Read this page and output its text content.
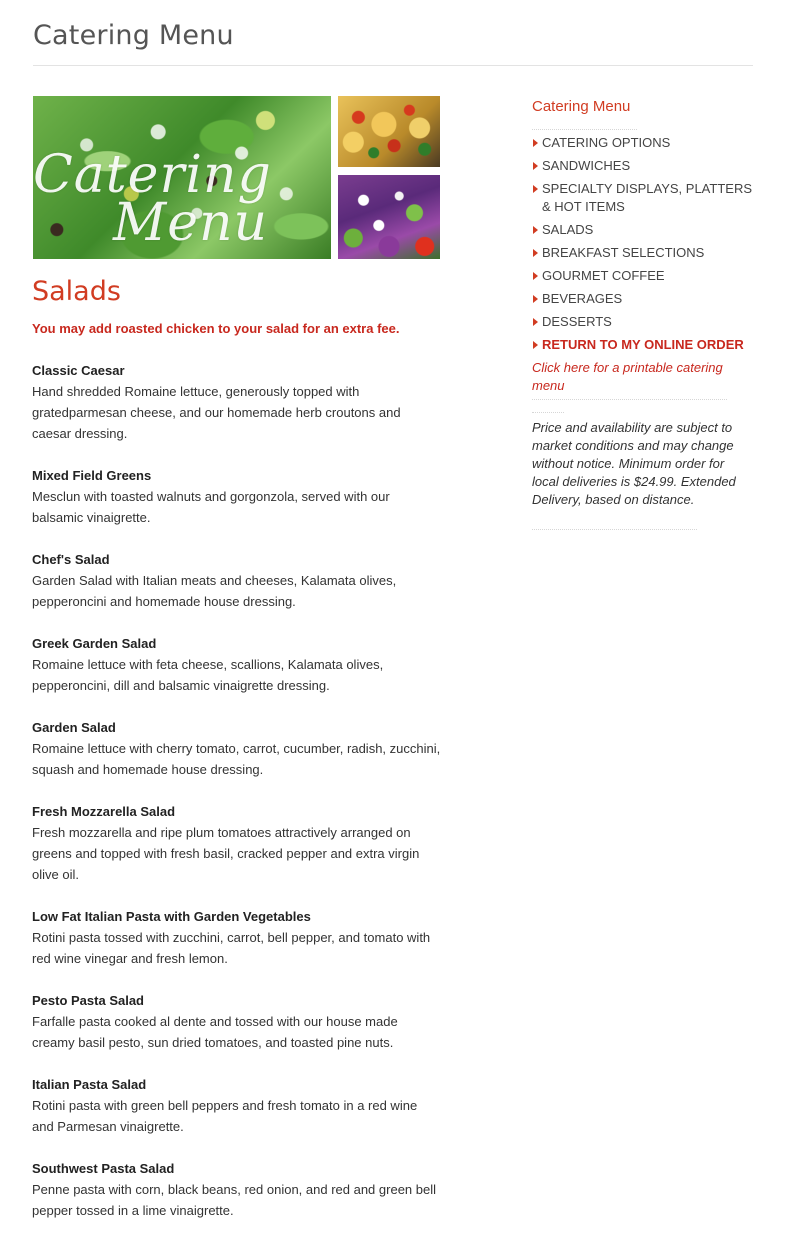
Catering Menu
Catering
Menu
Salads

You may add roasted chicken to your salad for an extra fee.

Classic Caesar
Hand shredded Romaine lettuce, generously topped with gratedparmesan cheese, and our homemade herb croutons and caesar dressing.
Mixed Field Greens
Mesclun with toasted walnuts and gorgonzola, served with our balsamic vinaigrette.
Chef's Salad
Garden Salad with Italian meats and cheeses, Kalamata olives, pepperoncini and homemade house dressing.
Greek Garden Salad
Romaine lettuce with feta cheese, scallions, Kalamata olives, pepperoncini, dill and balsamic vinaigrette dressing.
Garden Salad
Romaine lettuce with cherry tomato, carrot, cucumber, radish, zucchini, squash and homemade house dressing.
Fresh Mozzarella Salad
Fresh mozzarella and ripe plum tomatoes attractively arranged on greens and topped with fresh basil, cracked pepper and extra virgin olive oil.
Low Fat Italian Pasta with Garden Vegetables
Rotini pasta tossed with zucchini, carrot, bell pepper, and tomato with red wine vinegar and fresh lemon.
Pesto Pasta Salad
Farfalle pasta cooked al dente and tossed with our house made creamy basil pesto, sun dried tomatoes, and toasted pine nuts.
Italian Pasta Salad
Rotini pasta with green bell peppers and fresh tomato in a red wine and Parmesan vinaigrette.
Southwest Pasta Salad
Penne pasta with corn, black beans, red onion, and red and green bell pepper tossed in a lime vinaigrette.
Catering Menu
CATERING OPTIONS
SANDWICHES
SPECIALTY DISPLAYS, PLATTERS & HOT ITEMS
SALADS
BREAKFAST SELECTIONS
GOURMET COFFEE
BEVERAGES
DESSERTS
RETURN TO MY ONLINE ORDER
Click here for a printable catering menu

Price and availability are subject to market conditions and may change without notice. Minimum order for local deliveries is $24.99. Extended Delivery, based on distance.
